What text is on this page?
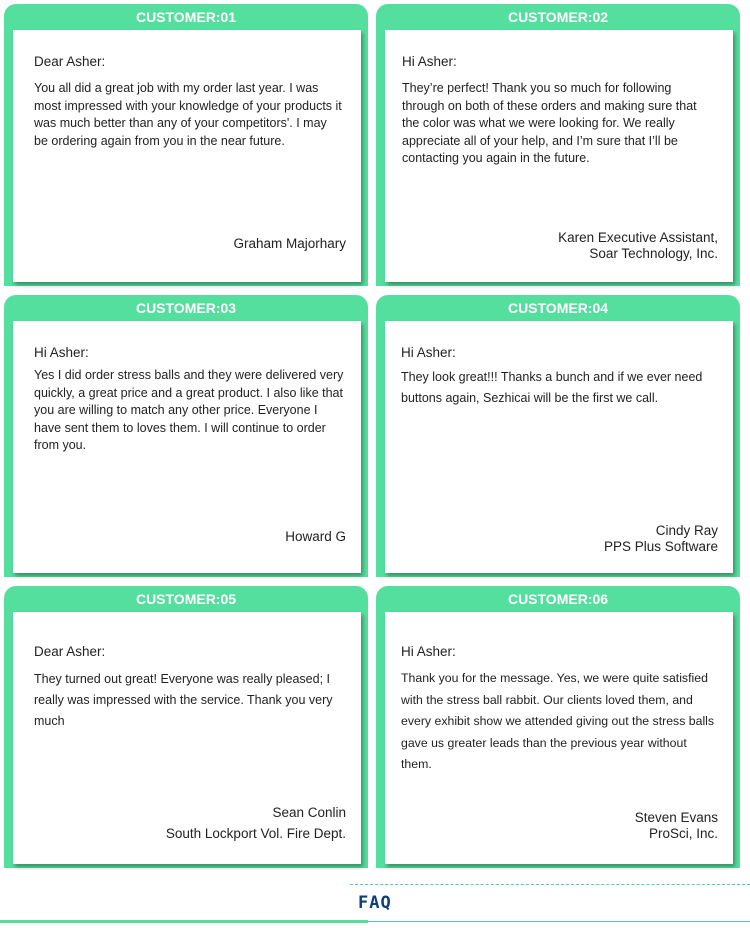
CUSTOMER:01
Dear Asher:
You all did a great job with my order last year. I was most impressed with your knowledge of your products it was much better than any of your competitors'. I may be ordering again from you in the near future.
Graham Majorhary
CUSTOMER:02
Hi Asher:
They’re perfect! Thank you so much for following through on both of these orders and making sure that the color was what we were looking for. We really appreciate all of your help, and I’m sure that I’ll be contacting you again in the future.
Karen Executive Assistant,
Soar Technology, Inc.
CUSTOMER:03
Hi Asher:
Yes I did order stress balls and they were delivered very quickly, a great price and a great product. I also like that you are willing to match any other price. Everyone I have sent them to loves them. I will continue to order from you.
Howard G
CUSTOMER:04
Hi Asher:
They look great!!! Thanks a bunch and if we ever need buttons again, Sezhicai will be the first we call.
Cindy Ray
PPS Plus Software
CUSTOMER:05
Dear Asher:
They turned out great! Everyone was really pleased; I really was impressed with the service. Thank you very much
Sean Conlin
South Lockport Vol. Fire Dept.
CUSTOMER:06
Hi Asher:
Thank you for the message. Yes, we were quite satisfied with the stress ball rabbit. Our clients loved them, and every exhibit show we attended giving out the stress balls gave us greater leads than the previous year without them.
Steven Evans
ProSci, Inc.
FAQ
